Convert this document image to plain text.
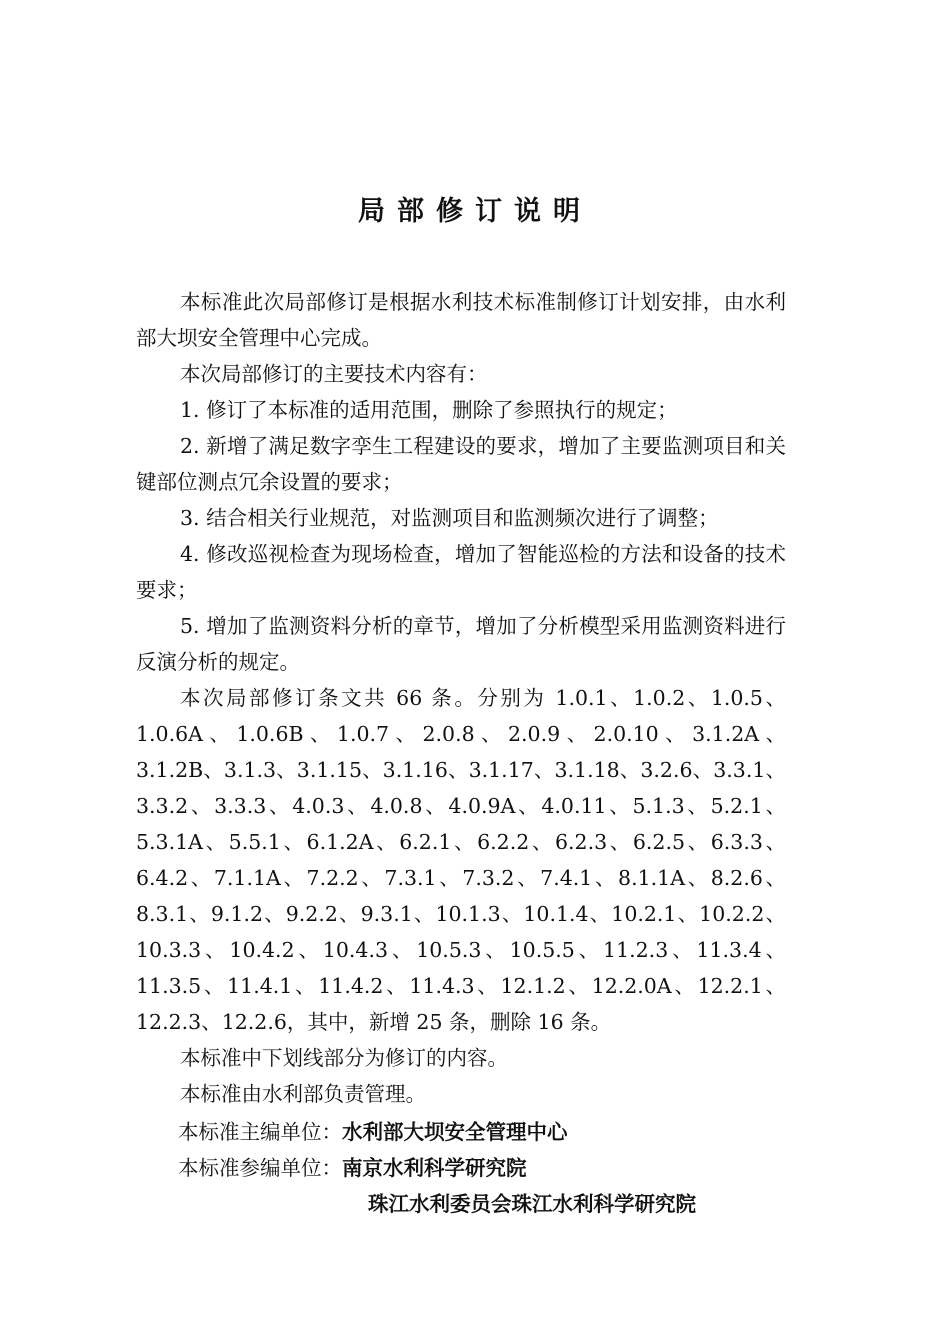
局部修订说明

本标准此次局部修订是根据水利技术标准制修订计划安排，由水利部大坝安全管理中心完成。

本次局部修订的主要技术内容有：

1. 修订了本标准的适用范围，删除了参照执行的规定；

2. 新增了满足数字孪生工程建设的要求，增加了主要监测项目和关键部位测点冗余设置的要求；

3. 结合相关行业规范，对监测项目和监测频次进行了调整；

4. 修改巡视检查为现场检查，增加了智能巡检的方法和设备的技术要求；

5. 增加了监测资料分析的章节，增加了分析模型采用监测资料进行反演分析的规定。

本次局部修订条文共 66 条。分别为 1.0.1、1.0.2、1.0.5、1.0.6A、1.0.6B、1.0.7、2.0.8、2.0.9、2.0.10、3.1.2A、3.1.2B、3.1.3、3.1.15、3.1.16、3.1.17、3.1.18、3.2.6、3.3.1、3.3.2、3.3.3、4.0.3、4.0.8、4.0.9A、4.0.11、5.1.3、5.2.1、5.3.1A、5.5.1、6.1.2A、6.2.1、6.2.2、6.2.3、6.2.5、6.3.3、6.4.2、7.1.1A、7.2.2、7.3.1、7.3.2、7.4.1、8.1.1A、8.2.6、8.3.1、9.1.2、9.2.2、9.3.1、10.1.3、10.1.4、10.2.1、10.2.2、10.3.3、10.4.2、10.4.3、10.5.3、10.5.5、11.2.3、11.3.4、11.3.5、11.4.1、11.4.2、11.4.3、12.1.2、12.2.0A、12.2.1、12.2.3、12.2.6，其中，新增 25 条，删除 16 条。

本标准中下划线部分为修订的内容。

本标准由水利部负责管理。

本标准主编单位：水利部大坝安全管理中心
本标准参编单位：南京水利科学研究院
珠江水利委员会珠江水利科学研究院
